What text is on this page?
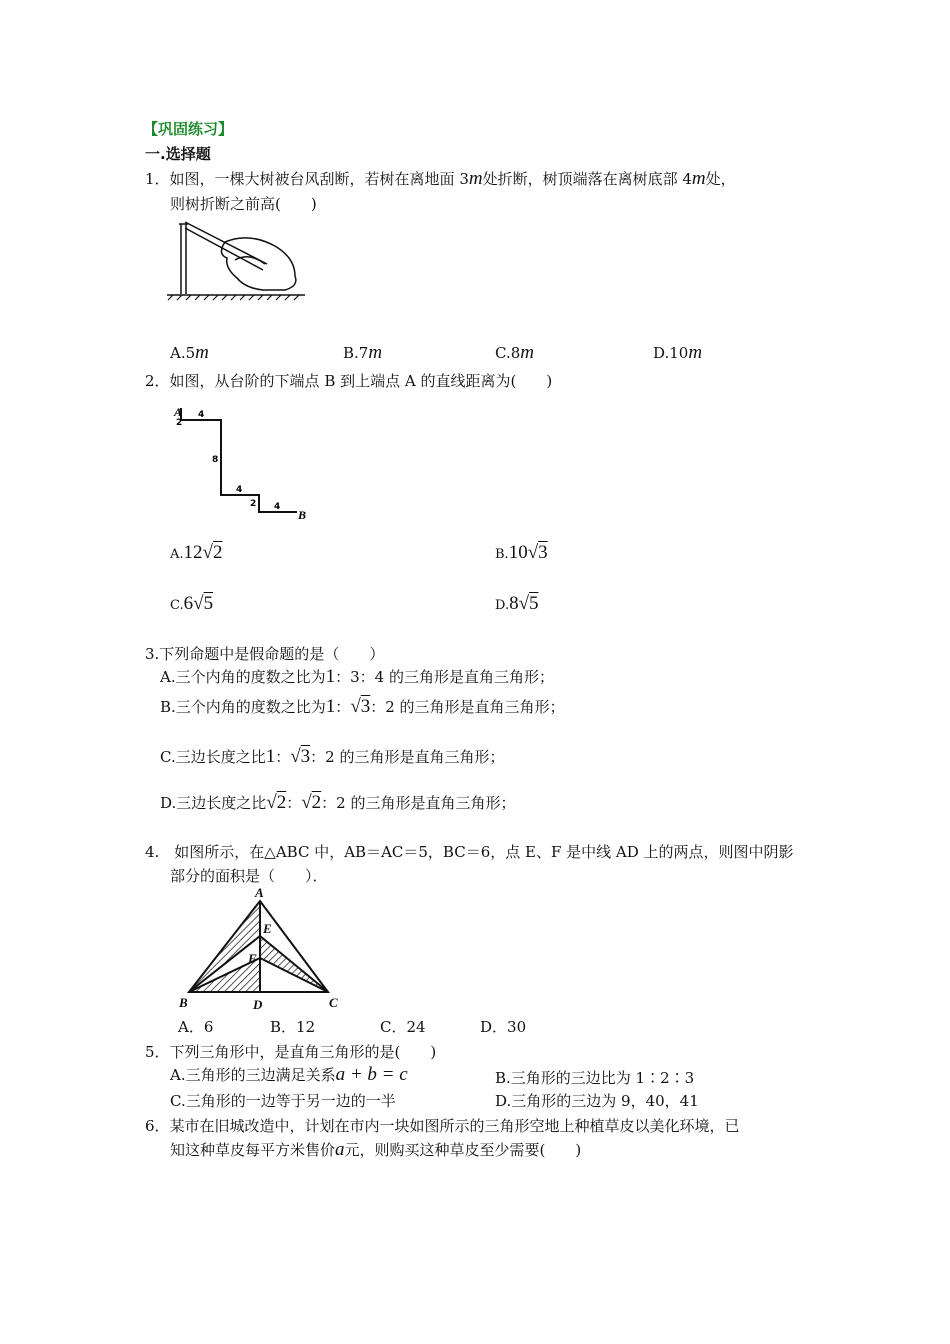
【巩固练习】
一.选择题
1．如图，一棵大树被台风刮断，若树在离地面 3m处折断，树顶端落在离树底部 4m处，
则树折断之前高(　　)
A.5m	B.7m	C.8m	D.10m
2．如图，从台阶的下端点 B 到上端点 A 的直线距离为(　　)
A
2
4
8
4
2 4
B
A.12√2	B.10√3
C.6√5	D.8√5
3.下列命题中是假命题的是（　　）
A.三个内角的度数之比为1：3：4 的三角形是直角三角形；
B.三个内角的度数之比为1：√3：2 的三角形是直角三角形；
C.三边长度之比1：√3：2 的三角形是直角三角形；
D.三边长度之比√2：√2：2 的三角形是直角三角形；
4.　如图所示，在△ABC 中，AB＝AC＝5，BC＝6，点 E、F 是中线 AD 上的两点，则图中阴影
部分的面积是（　　）．
A
E
F
B	D	C
A．6	B．12	C．24	D．30
5．下列三角形中，是直角三角形的是(　　)
A.三角形的三边满足关系a + b = c	B.三角形的三边比为 1∶2∶3
C.三角形的一边等于另一边的一半	D.三角形的三边为 9，40，41
6．某市在旧城改造中，计划在市内一块如图所示的三角形空地上种植草皮以美化环境，已
知这种草皮每平方米售价a元，则购买这种草皮至少需要(　　)
